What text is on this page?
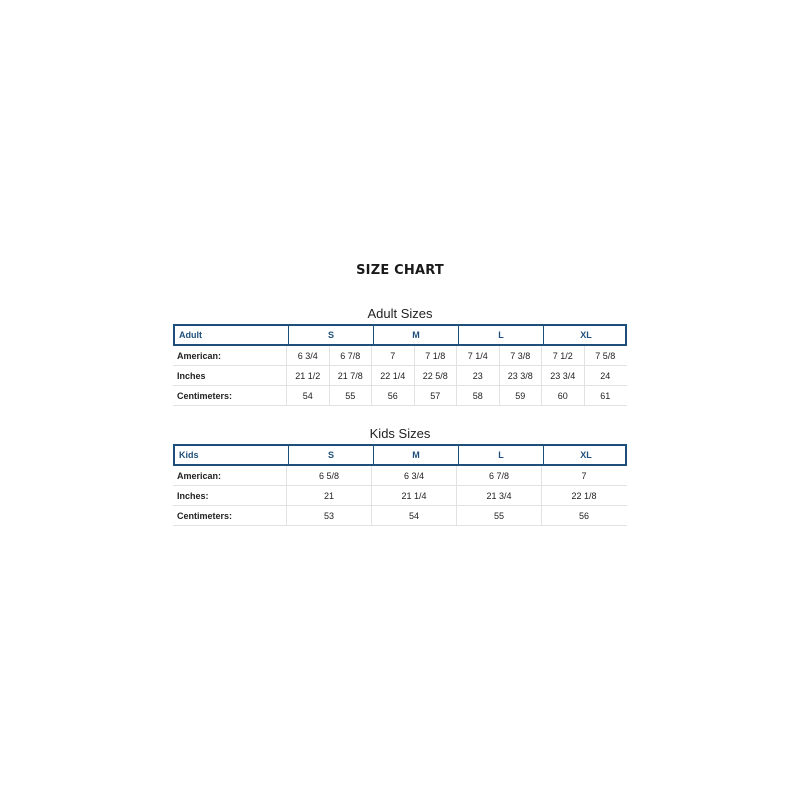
SIZE CHART
Adult Sizes
Adult	S	M	L	XL
American:	6 3/4	6 7/8	7	7 1/8	7 1/4	7 3/8	7 1/2	7 5/8
Inches	21 1/2	21 7/8	22 1/4	22 5/8	23	23 3/8	23 3/4	24
Centimeters:	54	55	56	57	58	59	60	61
Kids Sizes
Kids	S	M	L	XL
American:	6 5/8	6 3/4	6 7/8	7
Inches:	21	21 1/4	21 3/4	22 1/8
Centimeters:	53	54	55	56
